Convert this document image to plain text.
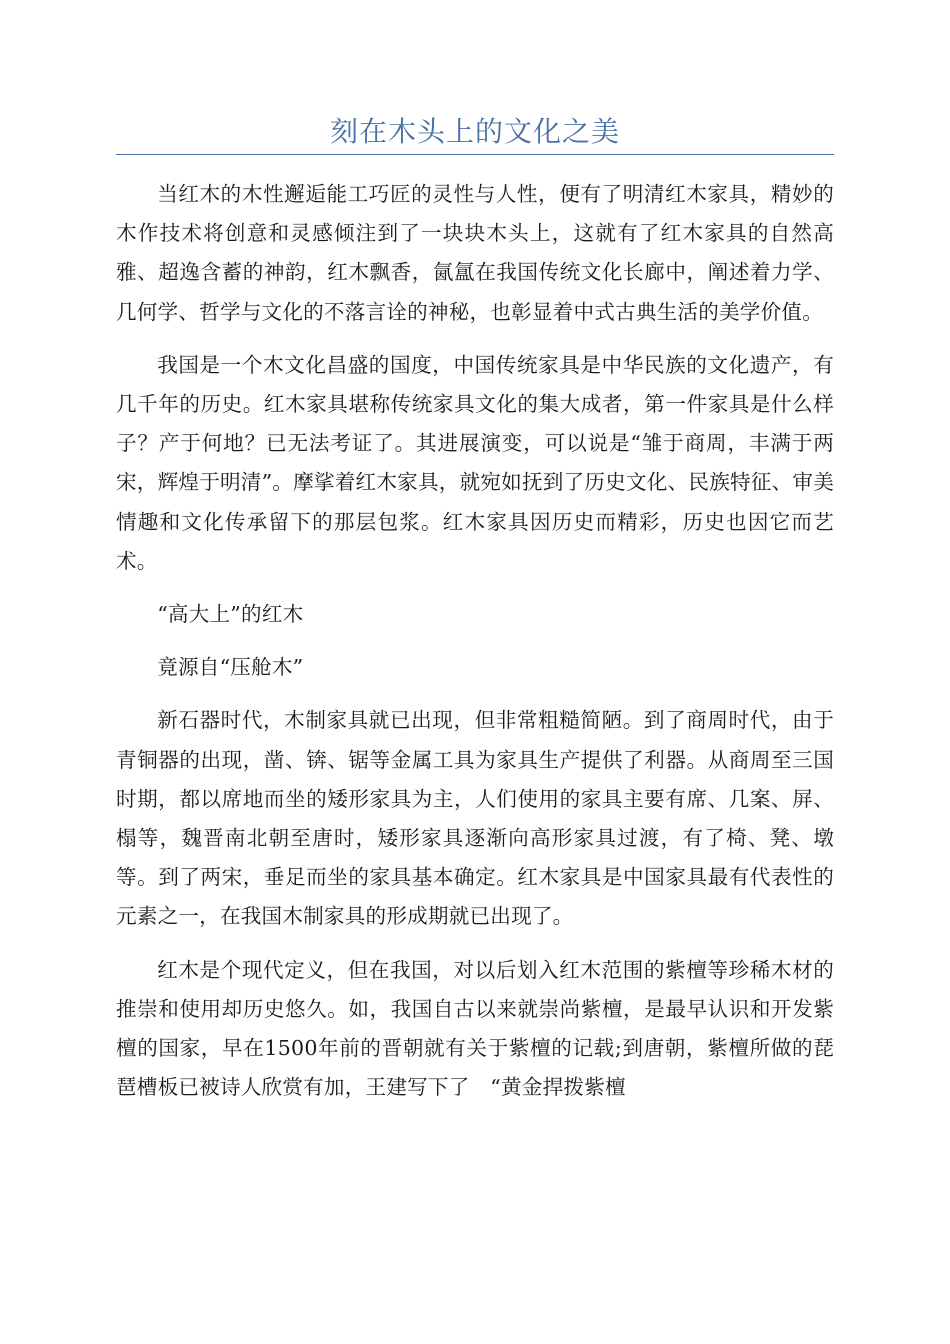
刻在木头上的文化之美

当红木的木性邂逅能工巧匠的灵性与人性，便有了明清红木家具，精妙的木作技术将创意和灵感倾注到了一块块木头上，这就有了红木家具的自然高雅、超逸含蓄的神韵，红木飘香，氤氲在我国传统文化长廊中，阐述着力学、几何学、哲学与文化的不落言诠的神秘，也彰显着中式古典生活的美学价值。

我国是一个木文化昌盛的国度，中国传统家具是中华民族的文化遗产，有几千年的历史。红木家具堪称传统家具文化的集大成者，第一件家具是什么样子？产于何地？已无法考证了。其进展演变，可以说是“雏于商周，丰满于两宋，辉煌于明清”。摩挲着红木家具，就宛如抚到了历史文化、民族特征、审美情趣和文化传承留下的那层包浆。红木家具因历史而精彩，历史也因它而艺术。

“高大上”的红木

竟源自“压舱木”

新石器时代，木制家具就已出现，但非常粗糙简陋。到了商周时代，由于青铜器的出现，凿、锛、锯等金属工具为家具生产提供了利器。从商周至三国时期，都以席地而坐的矮形家具为主，人们使用的家具主要有席、几案、屏、榻等，魏晋南北朝至唐时，矮形家具逐渐向高形家具过渡，有了椅、凳、墩等。到了两宋，垂足而坐的家具基本确定。红木家具是中国家具最有代表性的元素之一，在我国木制家具的形成期就已出现了。

红木是个现代定义，但在我国，对以后划入红木范围的紫檀等珍稀木材的推崇和使用却历史悠久。如，我国自古以来就崇尚紫檀，是最早认识和开发紫檀的国家，早在1500年前的晋朝就有关于紫檀的记载;到唐朝，紫檀所做的琵琶槽板已被诗人欣赏有加，王建写下了　“黄金捍拨紫檀
